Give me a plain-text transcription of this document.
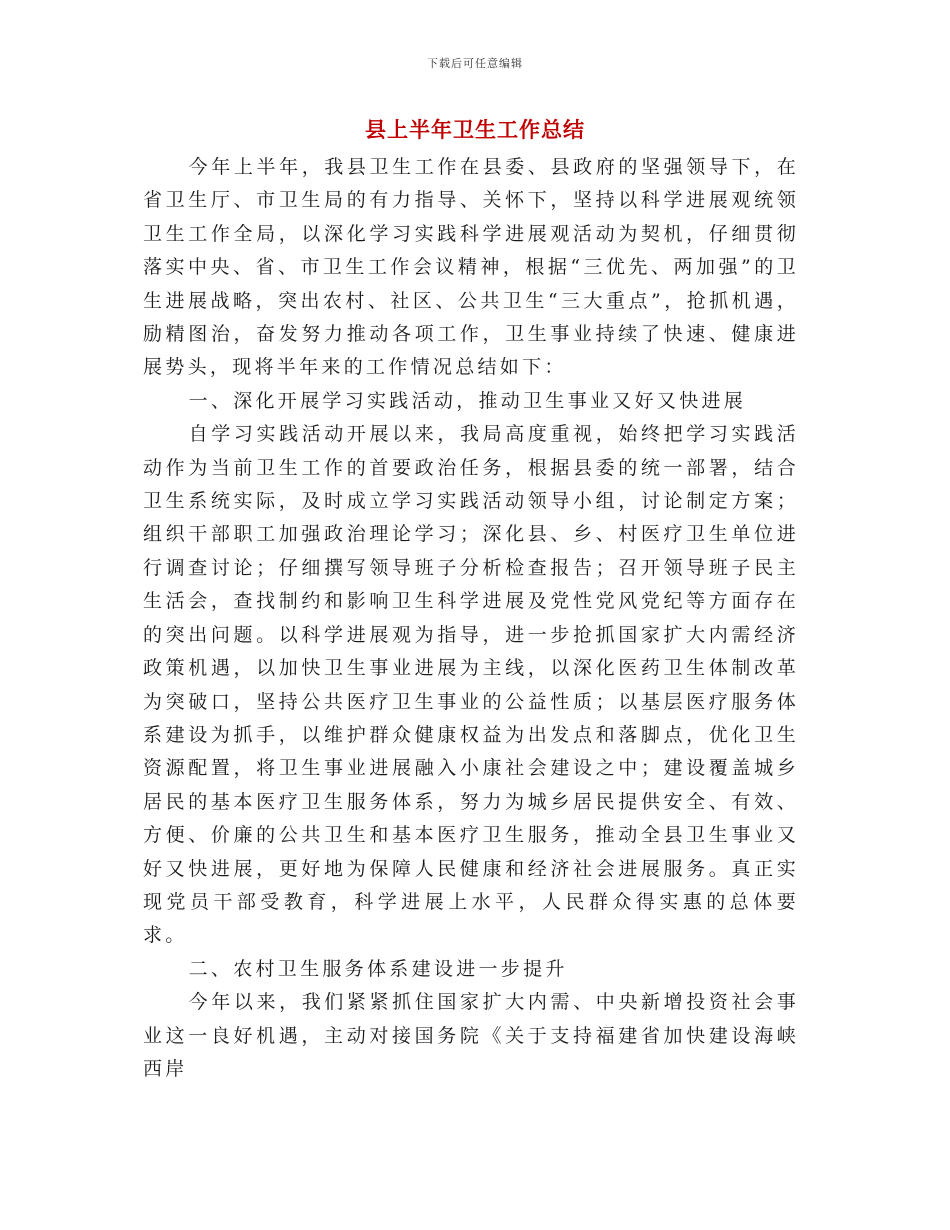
下载后可任意编辑
县上半年卫生工作总结

今年上半年，我县卫生工作在县委、县政府的坚强领导下，在省卫生厅、市卫生局的有力指导、关怀下，坚持以科学进展观统领卫生工作全局，以深化学习实践科学进展观活动为契机，仔细贯彻落实中央、省、市卫生工作会议精神，根据“三优先、两加强”的卫生进展战略，突出农村、社区、公共卫生“三大重点”，抢抓机遇，励精图治，奋发努力推动各项工作，卫生事业持续了快速、健康进展势头，现将半年来的工作情况总结如下：

一、深化开展学习实践活动，推动卫生事业又好又快进展

自学习实践活动开展以来，我局高度重视，始终把学习实践活动作为当前卫生工作的首要政治任务，根据县委的统一部署，结合卫生系统实际，及时成立学习实践活动领导小组，讨论制定方案；组织干部职工加强政治理论学习；深化县、乡、村医疗卫生单位进行调查讨论；仔细撰写领导班子分析检查报告；召开领导班子民主生活会，查找制约和影响卫生科学进展及党性党风党纪等方面存在的突出问题。以科学进展观为指导，进一步抢抓国家扩大内需经济政策机遇，以加快卫生事业进展为主线，以深化医药卫生体制改革为突破口，坚持公共医疗卫生事业的公益性质；以基层医疗服务体系建设为抓手，以维护群众健康权益为出发点和落脚点，优化卫生资源配置，将卫生事业进展融入小康社会建设之中；建设覆盖城乡居民的基本医疗卫生服务体系，努力为城乡居民提供安全、有效、方便、价廉的公共卫生和基本医疗卫生服务，推动全县卫生事业又好又快进展，更好地为保障人民健康和经济社会进展服务。真正实现党员干部受教育，科学进展上水平，人民群众得实惠的总体要求。

二、农村卫生服务体系建设进一步提升

今年以来，我们紧紧抓住国家扩大内需、中央新增投资社会事业这一良好机遇，主动对接国务院《关于支持福建省加快建设海峡西岸
